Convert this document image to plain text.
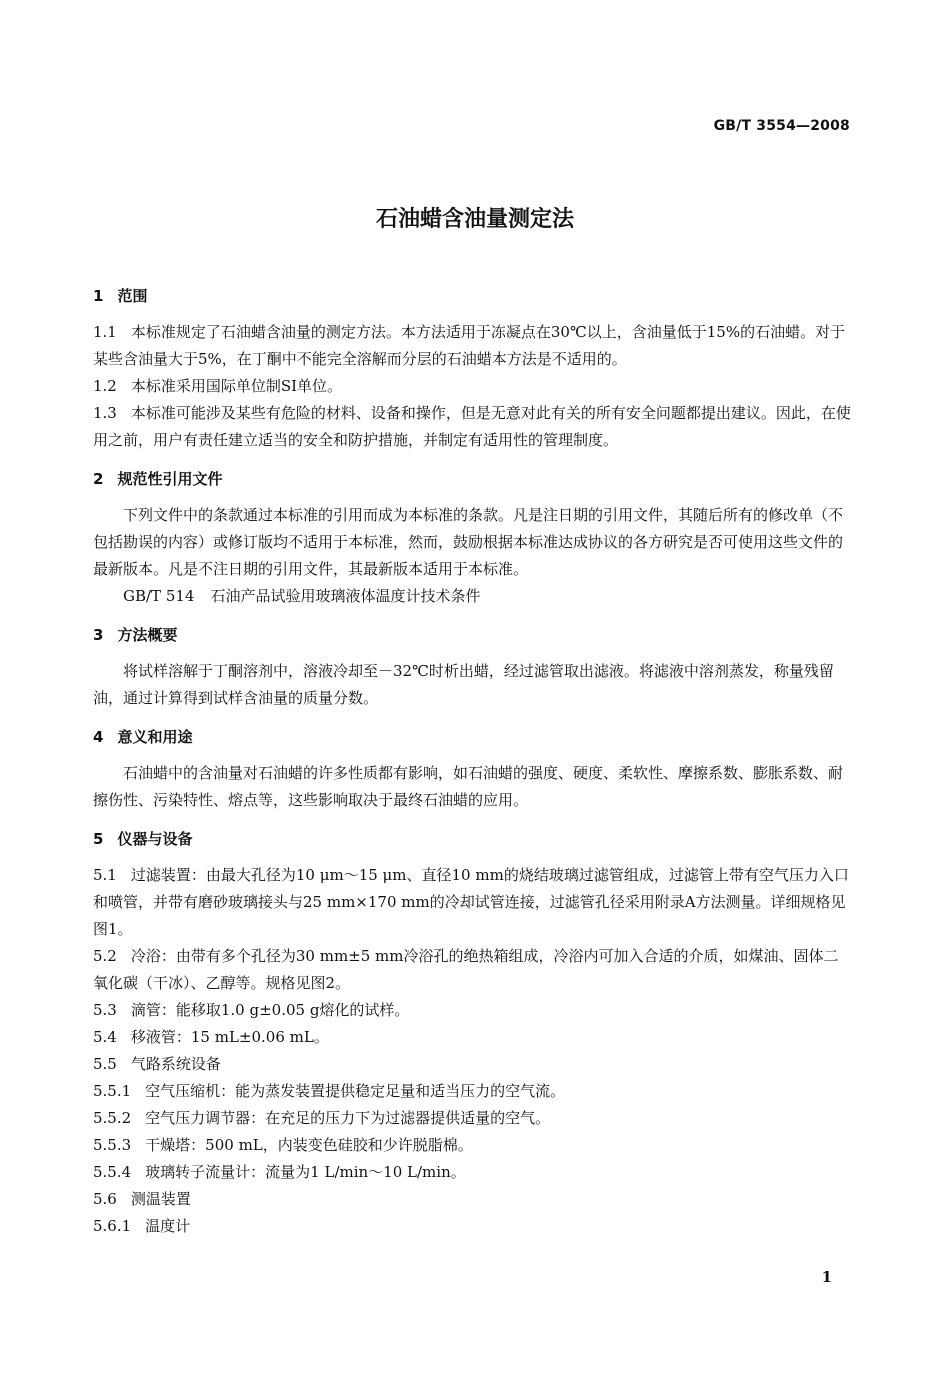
GB/T 3554—2008
石油蜡含油量测定法
1 范围

1.1 本标准规定了石油蜡含油量的测定方法。本方法适用于冻凝点在30℃以上，含油量低于15%的石油蜡。对于某些含油量大于5%，在丁酮中不能完全溶解而分层的石油蜡本方法是不适用的。

1.2 本标准采用国际单位制SI单位。

1.3 本标准可能涉及某些有危险的材料、设备和操作，但是无意对此有关的所有安全问题都提出建议。因此，在使用之前，用户有责任建立适当的安全和防护措施，并制定有适用性的管理制度。

2 规范性引用文件

下列文件中的条款通过本标准的引用而成为本标准的条款。凡是注日期的引用文件，其随后所有的修改单（不包括勘误的内容）或修订版均不适用于本标准，然而，鼓励根据本标准达成协议的各方研究是否可使用这些文件的最新版本。凡是不注日期的引用文件，其最新版本适用于本标准。

GB/T 514 石油产品试验用玻璃液体温度计技术条件

3 方法概要

将试样溶解于丁酮溶剂中，溶液冷却至－32℃时析出蜡，经过滤管取出滤液。将滤液中溶剂蒸发，称量残留油，通过计算得到试样含油量的质量分数。

4 意义和用途

石油蜡中的含油量对石油蜡的许多性质都有影响，如石油蜡的强度、硬度、柔软性、摩擦系数、膨胀系数、耐擦伤性、污染特性、熔点等，这些影响取决于最终石油蜡的应用。

5 仪器与设备

5.1 过滤装置：由最大孔径为10 μm～15 μm、直径10 mm的烧结玻璃过滤管组成，过滤管上带有空气压力入口和喷管，并带有磨砂玻璃接头与25 mm×170 mm的冷却试管连接，过滤管孔径采用附录A方法测量。详细规格见图1。

5.2 冷浴：由带有多个孔径为30 mm±5 mm冷浴孔的绝热箱组成，冷浴内可加入合适的介质，如煤油、固体二氧化碳（干冰）、乙醇等。规格见图2。

5.3 滴管：能移取1.0 g±0.05 g熔化的试样。

5.4 移液管：15 mL±0.06 mL。

5.5 气路系统设备

5.5.1 空气压缩机：能为蒸发装置提供稳定足量和适当压力的空气流。

5.5.2 空气压力调节器：在充足的压力下为过滤器提供适量的空气。

5.5.3 干燥塔：500 mL，内装变色硅胶和少许脱脂棉。

5.5.4 玻璃转子流量计：流量为1 L/min～10 L/min。

5.6 测温装置

5.6.1 温度计

1
